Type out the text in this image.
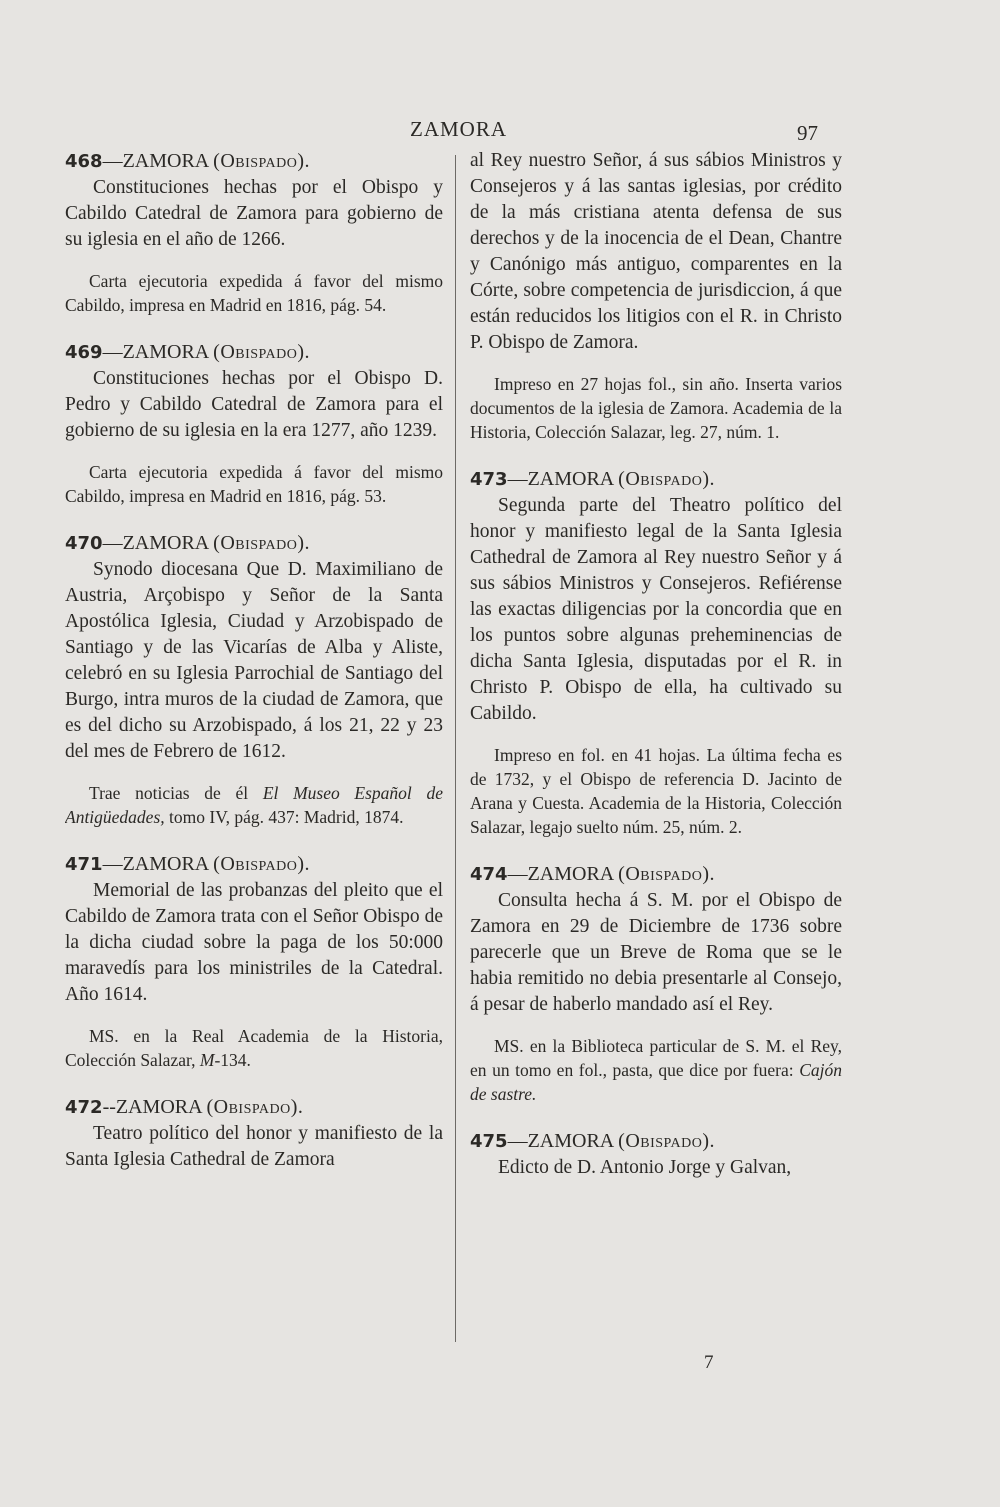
ZAMORA	97

468—ZAMORA (Obispado).

Constituciones hechas por el Obispo y Cabildo Catedral de Zamora para gobierno de su iglesia en el año de 1266.

Carta ejecutoria expedida á favor del mismo Cabildo, impresa en Madrid en 1816, pág. 54.

469—ZAMORA (Obispado).

Constituciones hechas por el Obispo D. Pedro y Cabildo Catedral de Zamora para el gobierno de su iglesia en la era 1277, año 1239.

Carta ejecutoria expedida á favor del mismo Cabildo, impresa en Madrid en 1816, pág. 53.

470—ZAMORA (Obispado).

Synodo diocesana Que D. Maximiliano de Austria, Arçobispo y Señor de la Santa Apostólica Iglesia, Ciudad y Arzobispado de Santiago y de las Vicarías de Alba y Aliste, celebró en su Iglesia Parrochial de Santiago del Burgo, intra muros de la ciudad de Zamora, que es del dicho su Arzobispado, á los 21, 22 y 23 del mes de Febrero de 1612.

Trae noticias de él El Museo Español de Antigüedades, tomo IV, pág. 437: Madrid, 1874.

471—ZAMORA (Obispado).

Memorial de las probanzas del pleito que el Cabildo de Zamora trata con el Señor Obispo de la dicha ciudad sobre la paga de los 50:000 maravedís para los ministriles de la Catedral. Año 1614.

MS. en la Real Academia de la Historia, Colección Salazar, M-134.

472--ZAMORA (Obispado).

Teatro político del honor y manifiesto de la Santa Iglesia Cathedral de Zamora

al Rey nuestro Señor, á sus sábios Ministros y Consejeros y á las santas iglesias, por crédito de la más cristiana atenta defensa de sus derechos y de la inocencia de el Dean, Chantre y Canónigo más antiguo, comparentes en la Córte, sobre competencia de jurisdiccion, á que están reducidos los litigios con el R. in Christo P. Obispo de Zamora.

Impreso en 27 hojas fol., sin año. Inserta varios documentos de la iglesia de Zamora. Academia de la Historia, Colección Salazar, leg. 27, núm. 1.

473—ZAMORA (Obispado).

Segunda parte del Theatro político del honor y manifiesto legal de la Santa Iglesia Cathedral de Zamora al Rey nuestro Señor y á sus sábios Ministros y Consejeros. Refiérense las exactas diligencias por la concordia que en los puntos sobre algunas preheminencias de dicha Santa Iglesia, disputadas por el R. in Christo P. Obispo de ella, ha cultivado su Cabildo.

Impreso en fol. en 41 hojas. La última fecha es de 1732, y el Obispo de referencia D. Jacinto de Arana y Cuesta. Academia de la Historia, Colección Salazar, legajo suelto núm. 25, núm. 2.

474—ZAMORA (Obispado).

Consulta hecha á S. M. por el Obispo de Zamora en 29 de Diciembre de 1736 sobre parecerle que un Breve de Roma que se le habia remitido no debia presentarle al Consejo, á pesar de haberlo mandado así el Rey.

MS. en la Biblioteca particular de S. M. el Rey, en un tomo en fol., pasta, que dice por fuera: Cajón de sastre.

475—ZAMORA (Obispado).

Edicto de D. Antonio Jorge y Galvan,

7
